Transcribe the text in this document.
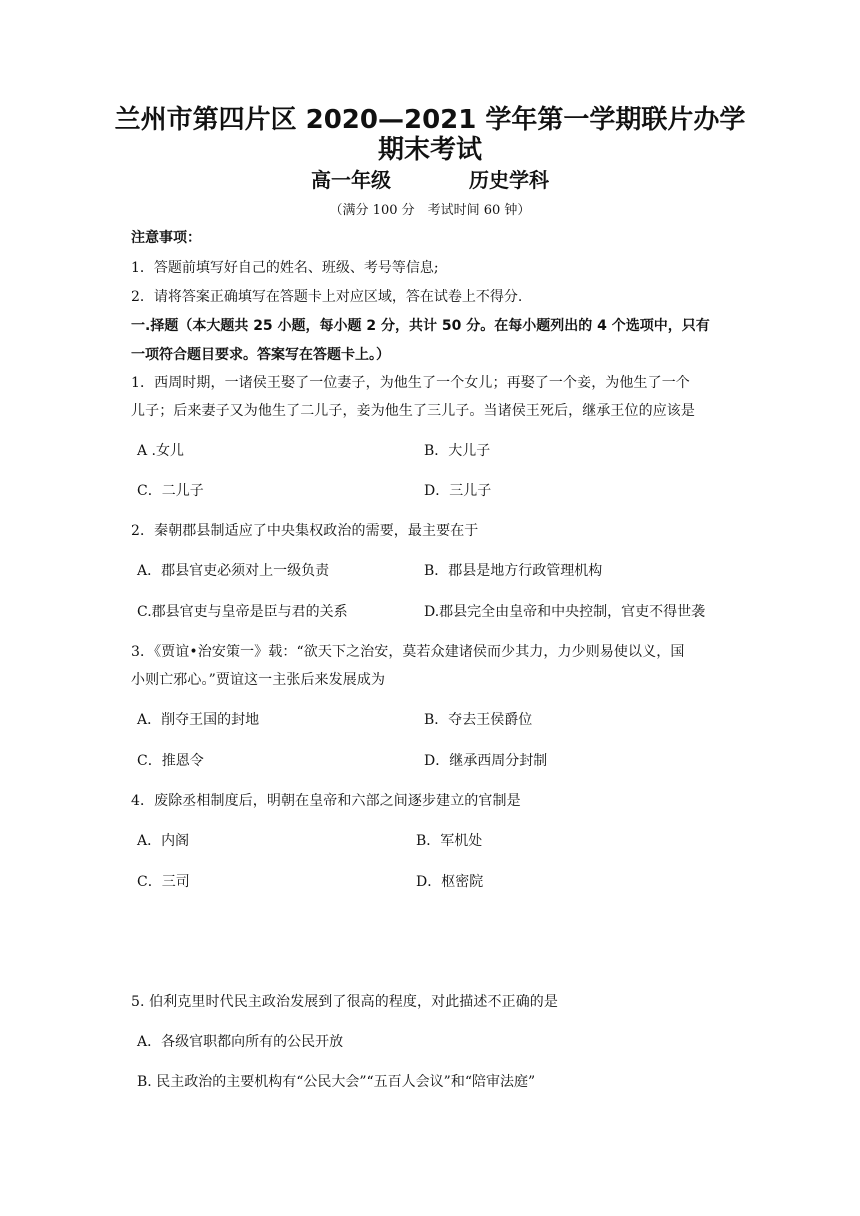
兰州市第四片区 2020—2021 学年第一学期联片办学
期末考试
高一年级	历史学科
（满分 100 分　考试时间 60 钟）
注意事项：
1．答题前填写好自己的姓名、班级、考号等信息;
2．请将答案正确填写在答题卡上对应区域，答在试卷上不得分.
一.择题（本大题共 25 小题，每小题 2 分，共计 50 分。在每小题列出的 4 个选项中，只有
一项符合题目要求。答案写在答题卡上。）
1．西周时期，一诸侯王娶了一位妻子，为他生了一个女儿；再娶了一个妾，为他生了一个
儿子；后来妻子又为他生了二儿子，妾为他生了三儿子。当诸侯王死后，继承王位的应该是
A .女儿	B．大儿子
C．二儿子	D．三儿子
2．秦朝郡县制适应了中央集权政治的需要，最主要在于
A．郡县官吏必须对上一级负责	B．郡县是地方行政管理机构
C.郡县官吏与皇帝是臣与君的关系	D.郡县完全由皇帝和中央控制，官吏不得世袭
3．《贾谊•治安策一》载：“欲天下之治安，莫若众建诸侯而少其力，力少则易使以义，国
小则亡邪心。”贾谊这一主张后来发展成为
A．削夺王国的封地	B．夺去王侯爵位
C．推恩令	D．继承西周分封制
4．废除丞相制度后，明朝在皇帝和六部之间逐步建立的官制是
A．内阁	B．军机处
C．三司	D．枢密院
5. 伯利克里时代民主政治发展到了很高的程度，对此描述不正确的是
A．各级官职都向所有的公民开放
B. 民主政治的主要机构有“公民大会”“五百人会议”和“陪审法庭”
